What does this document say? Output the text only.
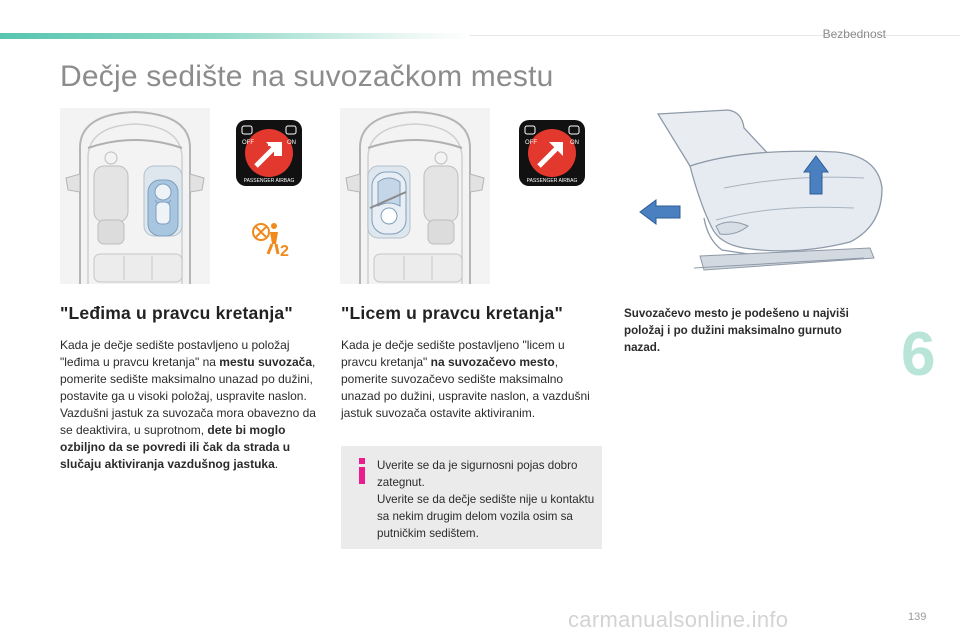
Bezbednost
Dečje sedište na suvozačkom mestu
OFF	ON
PASSENGER AIRBAG
2
OFF	ON
PASSENGER AIRBAG
"Leđima u pravcu kretanja"
Kada je dečje sedište postavljeno u položaj "leđima u pravcu kretanja" na mestu suvozača, pomerite sedište maksimalno unazad po dužini, postavite ga u visoki položaj, uspravite naslon.
Vazdušni jastuk za suvozača mora obavezno da se deaktivira, u suprotnom, dete bi moglo ozbiljno da se povredi ili čak da strada u slučaju aktiviranja vazdušnog jastuka.
"Licem u pravcu kretanja"
Kada je dečje sedište postavljeno "licem u pravcu kretanja" na suvozačevo mesto, pomerite suvozačevo sedište maksimalno unazad po dužini, uspravite naslon, a vazdušni jastuk suvozača ostavite aktiviranim.
Uverite se da je sigurnosni pojas dobro zategnut.
Uverite se da dečje sedište nije u kontaktu sa nekim drugim delom vozila osim sa putničkim sedištem.
Suvozačevo mesto je podešeno u najviši položaj i po dužini maksimalno gurnuto nazad.	6
carmanualsonline.info	139
